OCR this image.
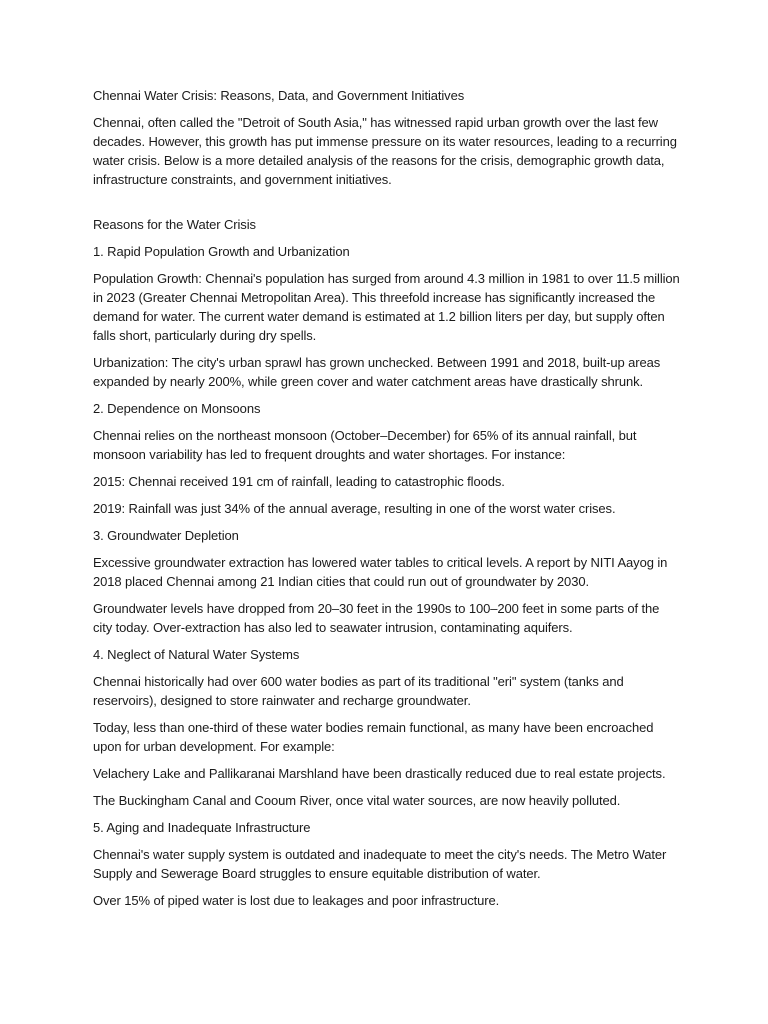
Chennai Water Crisis: Reasons, Data, and Government Initiatives

Chennai, often called the "Detroit of South Asia," has witnessed rapid urban growth over the last few decades. However, this growth has put immense pressure on its water resources, leading to a recurring water crisis. Below is a more detailed analysis of the reasons for the crisis, demographic growth data, infrastructure constraints, and government initiatives.

Reasons for the Water Crisis

1. Rapid Population Growth and Urbanization

Population Growth: Chennai's population has surged from around 4.3 million in 1981 to over 11.5 million in 2023 (Greater Chennai Metropolitan Area). This threefold increase has significantly increased the demand for water. The current water demand is estimated at 1.2 billion liters per day, but supply often falls short, particularly during dry spells.

Urbanization: The city's urban sprawl has grown unchecked. Between 1991 and 2018, built-up areas expanded by nearly 200%, while green cover and water catchment areas have drastically shrunk.

2. Dependence on Monsoons

Chennai relies on the northeast monsoon (October–December) for 65% of its annual rainfall, but monsoon variability has led to frequent droughts and water shortages. For instance:

2015: Chennai received 191 cm of rainfall, leading to catastrophic floods.

2019: Rainfall was just 34% of the annual average, resulting in one of the worst water crises.

3. Groundwater Depletion

Excessive groundwater extraction has lowered water tables to critical levels. A report by NITI Aayog in 2018 placed Chennai among 21 Indian cities that could run out of groundwater by 2030.

Groundwater levels have dropped from 20–30 feet in the 1990s to 100–200 feet in some parts of the city today. Over-extraction has also led to seawater intrusion, contaminating aquifers.

4. Neglect of Natural Water Systems

Chennai historically had over 600 water bodies as part of its traditional "eri" system (tanks and reservoirs), designed to store rainwater and recharge groundwater.

Today, less than one-third of these water bodies remain functional, as many have been encroached upon for urban development. For example:

Velachery Lake and Pallikaranai Marshland have been drastically reduced due to real estate projects.

The Buckingham Canal and Cooum River, once vital water sources, are now heavily polluted.

5. Aging and Inadequate Infrastructure

Chennai's water supply system is outdated and inadequate to meet the city's needs. The Metro Water Supply and Sewerage Board struggles to ensure equitable distribution of water.

Over 15% of piped water is lost due to leakages and poor infrastructure.
